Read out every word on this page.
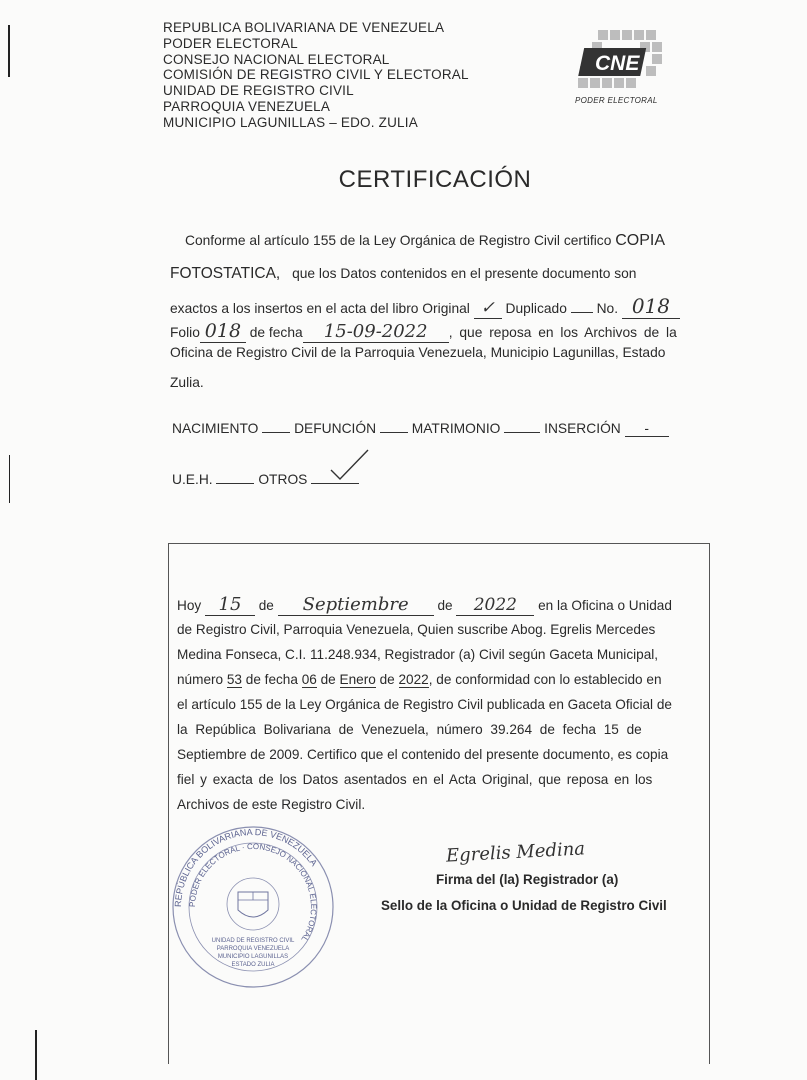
REPUBLICA BOLIVARIANA DE VENEZUELA
PODER ELECTORAL
CONSEJO NACIONAL ELECTORAL
COMISIÓN DE REGISTRO CIVIL Y ELECTORAL
UNIDAD DE REGISTRO CIVIL
PARROQUIA VENEZUELA
MUNICIPIO LAGUNILLAS – EDO. ZULIA
CNE
PODER ELECTORAL
CERTIFICACIÓN
Conforme al artículo 155 de la Ley Orgánica de Registro Civil certifico COPIA
FOTOSTATICA, que los Datos contenidos en el presente documento son
exactos a los insertos en el acta del libro Original ✓ Duplicado No. 018
Folio 018 de fecha 15-09-2022 , que reposa en los Archivos de la
Oficina de Registro Civil de la Parroquia Venezuela, Municipio Lagunillas, Estado
Zulia.
NACIMIENTO	DEFUNCIÓN	MATRIMONIO	INSERCIÓN -
U.E.H.	OTROS
Hoy 15 de Septiembre de 2022 en la Oficina o Unidad
de Registro Civil, Parroquia Venezuela, Quien suscribe Abog. Egrelis Mercedes
Medina Fonseca, C.I. 11.248.934, Registrador (a) Civil según Gaceta Municipal,
número 53 de fecha 06 de Enero de 2022, de conformidad con lo establecido en
el artículo 155 de la Ley Orgánica de Registro Civil publicada en Gaceta Oficial de
la República Bolivariana de Venezuela, número 39.264 de fecha 15 de
Septiembre de 2009. Certifico que el contenido del presente documento, es copia
fiel y exacta de los Datos asentados en el Acta Original, que reposa en los
Archivos de este Registro Civil.
Egrelis Medina
Firma del (la) Registrador (a)
Sello de la Oficina o Unidad de Registro Civil
REPÚBLICA BOLIVARIANA DE VENEZUELA
PODER ELECTORAL · CONSEJO NACIONAL ELECTORAL
UNIDAD DE REGISTRO CIVIL
PARROQUIA VENEZUELA
MUNICIPIO LAGUNILLAS
ESTADO ZULIA
